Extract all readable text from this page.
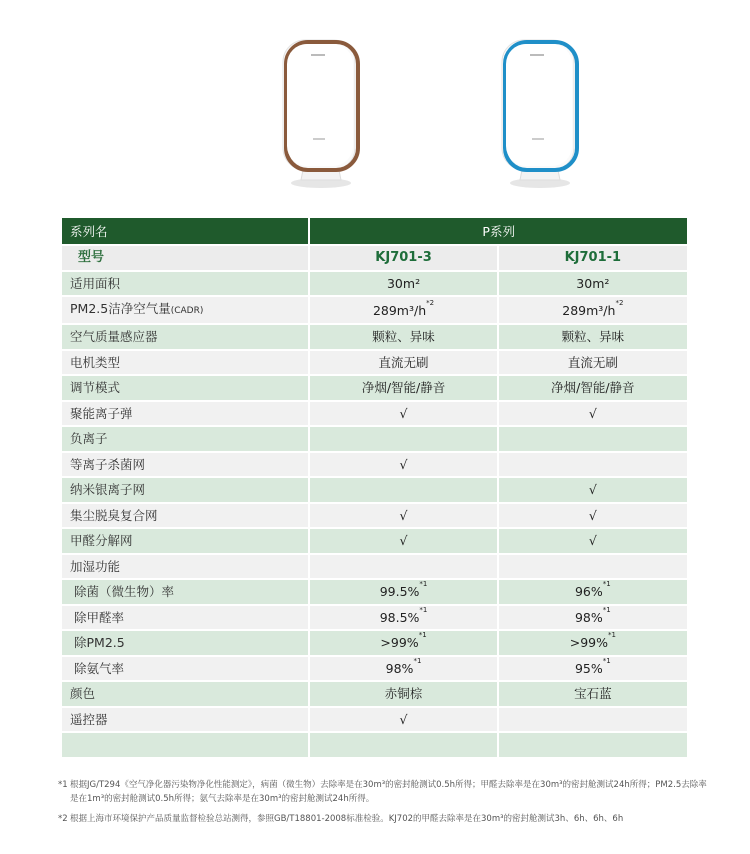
系列名	P系列	
型号	KJ701-3	KJ701-1
适用面积	30m²	30m²
PM2.5洁净空气量(CADR)	$289m^3/h^{*2}$	$289m^3/h^{*2}$
空气质量感应器	颗粒、异味	颗粒、异味
电机类型	直流无刷	直流无刷
调节模式	净烟/智能/静音	净烟/智能/静音
聚能离子弹	√	√
负离子		
等离子杀菌网	√	
纳米银离子网		√
集尘脱臭复合网	√	√
甲醛分解网	√	√
加湿功能		
除菌（微生物）率	99.5%$^{*1}$	96%$^{*1}$
除甲醛率	98.5%$^{*1}$	98%$^{*1}$
除PM2.5	>99%$^{*1}$	>99%$^{*1}$
除氨气率	98%$^{*1}$	95%$^{*1}$
颜色	赤铜棕	宝石蓝
遥控器	√	

*1 根据JG/T294《空气净化器污染物净化性能测定》，病菌（微生物）去除率是在30m³的密封舱测试0.5h所得；甲醛去除率是在30m³的密封舱测试24h所得；PM2.5去除率是在1m³的密封舱测试0.5h所得；氨气去除率是在30m³的密封舱测试24h所得。
*2 根据上海市环境保护产品质量监督检验总站测得，参照GB/T18801-2008标准检验。KJ702的甲醛去除率是在30m³的密封舱测试3h、6h、6h、6h
